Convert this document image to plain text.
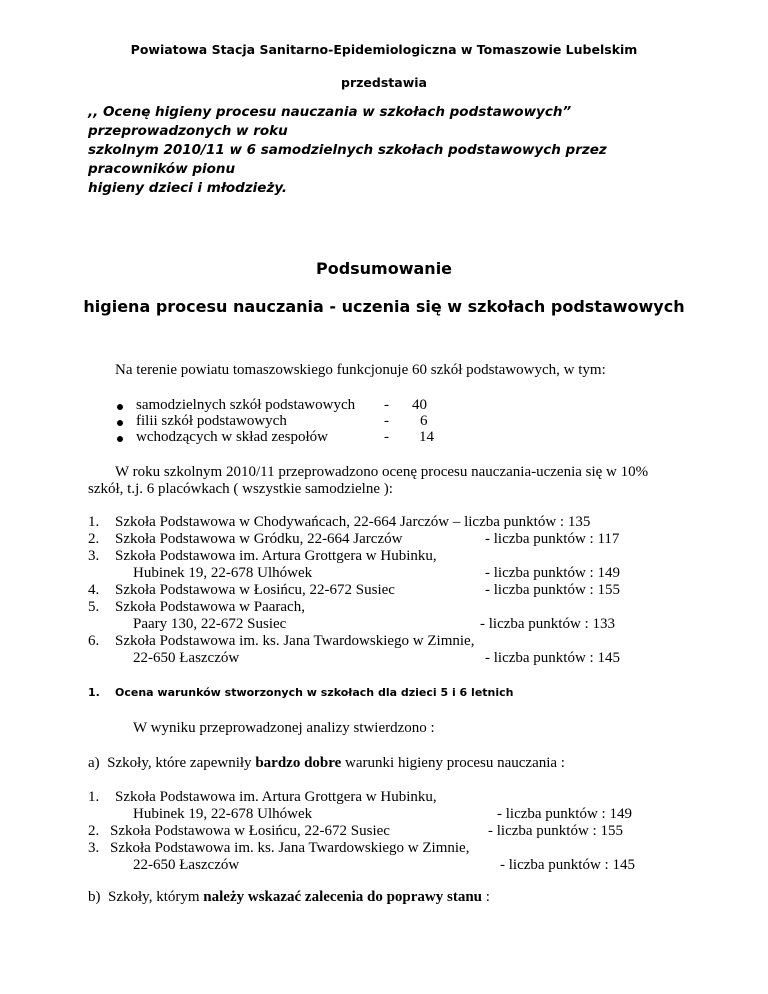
Powiatowa Stacja Sanitarno-Epidemiologiczna w Tomaszowie Lubelskim
przedstawia
,, Ocenę higieny procesu nauczania w szkołach podstawowych” przeprowadzonych w roku
szkolnym 2010/11 w 6 samodzielnych szkołach podstawowych przez pracowników pionu
higieny dzieci i młodzieży.
Podsumowanie
higiena procesu nauczania - uczenia się w szkołach podstawowych
Na terenie powiatu tomaszowskiego funkcjonuje 60 szkół podstawowych, w tym:
samodzielnych szkół podstawowych - 40
filii szkół podstawowych	- 6
wchodzących w skład zespołów	- 14
W roku szkolnym 2010/11 przeprowadzono ocenę procesu nauczania-uczenia się w 10%
szkół, t.j. 6 placówkach ( wszystkie samodzielne ):
1. Szkoła Podstawowa w Chodywańcach, 22-664 Jarczów – liczba punktów : 135
2. Szkoła Podstawowa w Gródku, 22-664 Jarczów	- liczba punktów : 117
3. Szkoła Podstawowa im. Artura Grottgera w Hubinku,
Hubinek 19, 22-678 Ulhówek	- liczba punktów : 149
4. Szkoła Podstawowa w Łosińcu, 22-672 Susiec	- liczba punktów : 155
5. Szkoła Podstawowa w Paarach,
Paary 130, 22-672 Susiec	- liczba punktów : 133
6. Szkoła Podstawowa im. ks. Jana Twardowskiego w Zimnie,
22-650 Łaszczów	- liczba punktów : 145
1. Ocena warunków stworzonych w szkołach dla dzieci 5 i 6 letnich
W wyniku przeprowadzonej analizy stwierdzono :
a)  Szkoły, które zapewniły bardzo dobre warunki higieny procesu nauczania :
1. Szkoła Podstawowa im. Artura Grottgera w Hubinku,
Hubinek 19, 22-678 Ulhówek	- liczba punktów : 149
2. Szkoła Podstawowa w Łosińcu, 22-672 Susiec	- liczba punktów : 155
3. Szkoła Podstawowa im. ks. Jana Twardowskiego w Zimnie,
22-650 Łaszczów	- liczba punktów : 145
b)  Szkoły, którym należy wskazać zalecenia do poprawy stanu :
